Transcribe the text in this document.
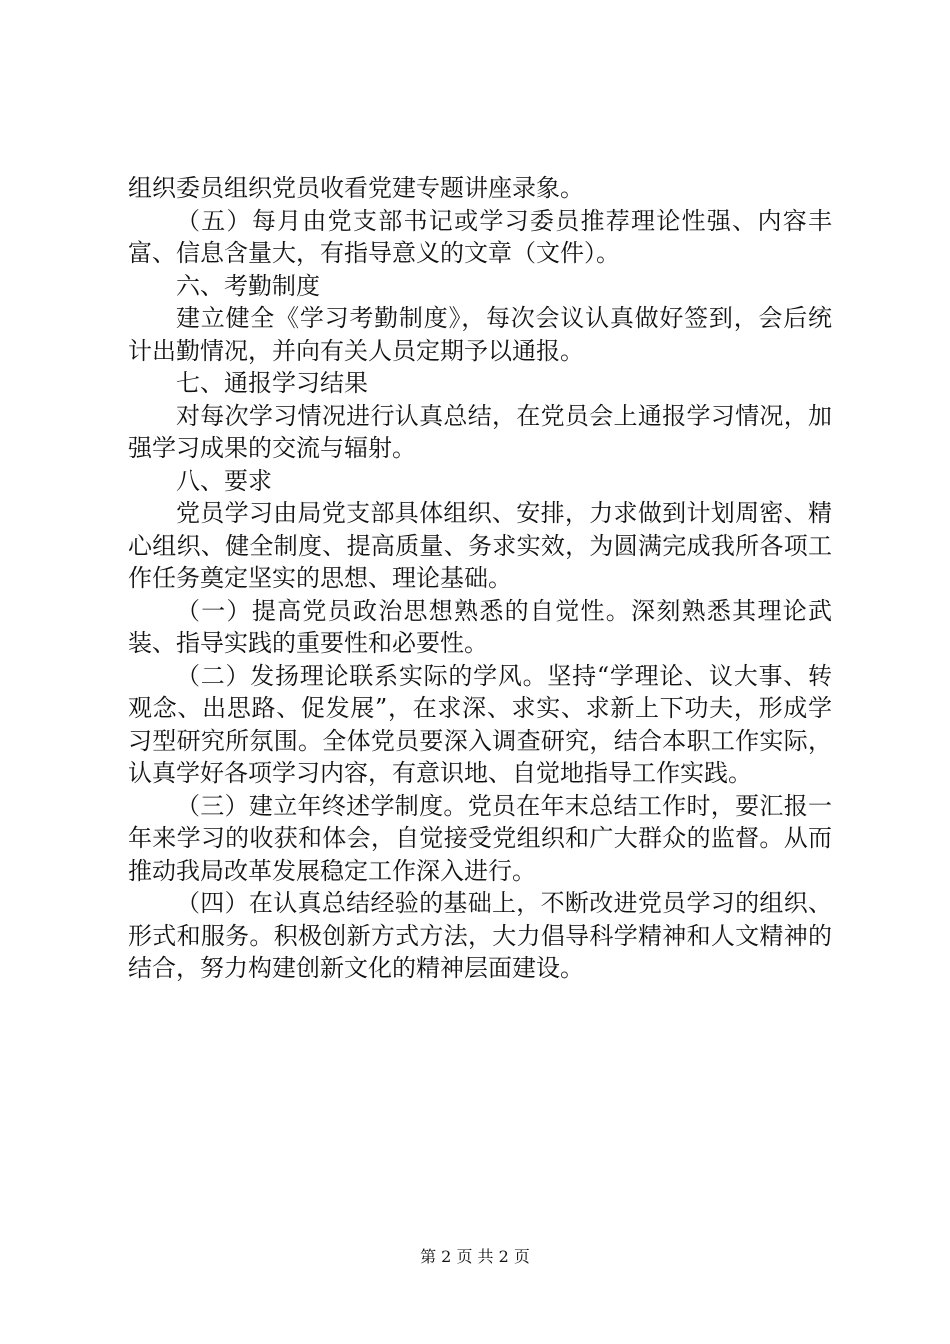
组织委员组织党员收看党建专题讲座录象。

（五）每月由党支部书记或学习委员推荐理论性强、内容丰富、信息含量大，有指导意义的文章（文件）。

六、考勤制度

建立健全《学习考勤制度》，每次会议认真做好签到，会后统计出勤情况，并向有关人员定期予以通报。

七、通报学习结果

对每次学习情况进行认真总结，在党员会上通报学习情况，加强学习成果的交流与辐射。

八、要求

党员学习由局党支部具体组织、安排，力求做到计划周密、精心组织、健全制度、提高质量、务求实效，为圆满完成我所各项工作任务奠定坚实的思想、理论基础。

（一）提高党员政治思想熟悉的自觉性。深刻熟悉其理论武装、指导实践的重要性和必要性。

（二）发扬理论联系实际的学风。坚持“学理论、议大事、转观念、出思路、促发展”，在求深、求实、求新上下功夫，形成学习型研究所氛围。全体党员要深入调查研究，结合本职工作实际，认真学好各项学习内容，有意识地、自觉地指导工作实践。

（三）建立年终述学制度。党员在年末总结工作时，要汇报一年来学习的收获和体会，自觉接受党组织和广大群众的监督。从而推动我局改革发展稳定工作深入进行。

（四）在认真总结经验的基础上，不断改进党员学习的组织、形式和服务。积极创新方式方法，大力倡导科学精神和人文精神的结合，努力构建创新文化的精神层面建设。

第 2 页 共 2 页
